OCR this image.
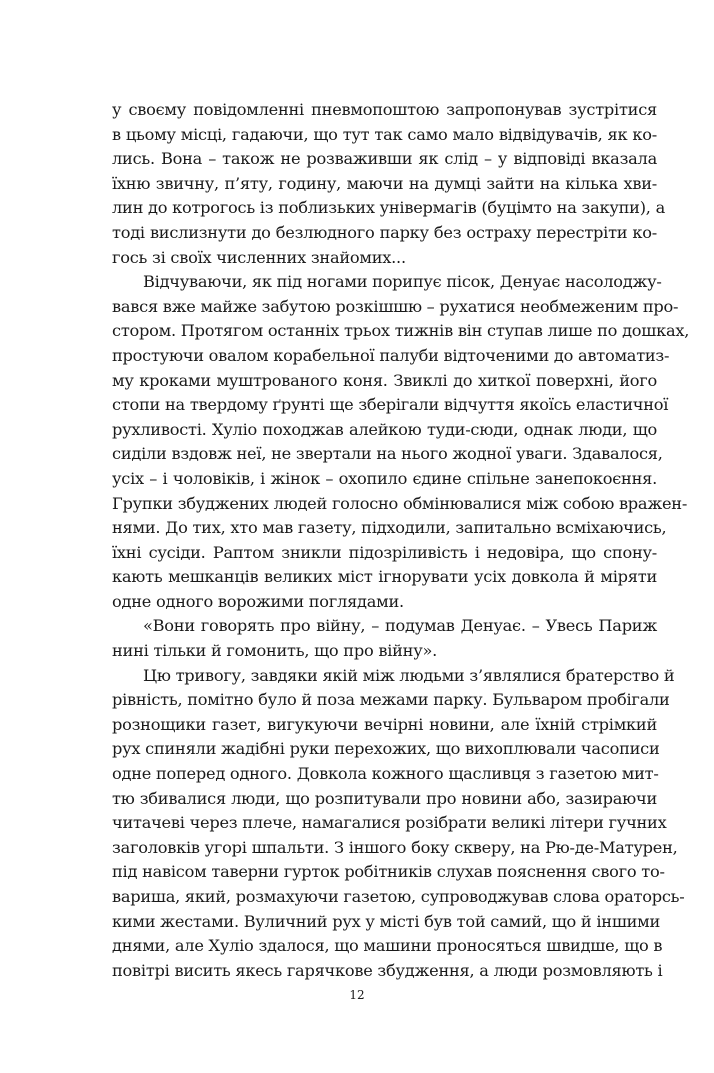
у своєму повідомленні пневмопоштою запропонував зустрітися
в цьому місці, гадаючи, що тут так само мало відвідувачів, як ко-
лись. Вона – також не розваживши як слід – у відповіді вказала
їхню звичну, п’яту, годину, маючи на думці зайти на кілька хви-
лин до котрогось із поблизьких універмагів (буцімто на закупи), а
тоді вислизнути до безлюдного парку без остраху перестріти ко-
гось зі своїх численних знайомих...
Відчуваючи, як під ногами порипує пісок, Денуає насолоджу-
вався вже майже забутою розкішшю – рухатися необмеженим про-
стором. Протягом останніх трьох тижнів він ступав лише по дошках,
простуючи овалом корабельної палуби відточеними до автоматиз-
му кроками муштрованого коня. Звиклі до хиткої поверхні, його
стопи на твердому ґрунті ще зберігали відчуття якоїсь еластичної
рухливості. Хуліо походжав алейкою туди-сюди, однак люди, що
сиділи вздовж неї, не звертали на нього жодної уваги. Здавалося,
усіх – і чоловіків, і жінок – охопило єдине спільне занепокоєння.
Групки збуджених людей голосно обмінювалися між собою вражен-
нями. До тих, хто мав газету, підходили, запитально всміхаючись,
їхні сусіди. Раптом зникли підозріливість і недовіра, що спону-
кають мешканців великих міст ігнорувати усіх довкола й міряти
одне одного ворожими поглядами.
«Вони говорять про війну, – подумав Денуає. – Увесь Париж
нині тільки й гомонить, що про війну».
Цю тривогу, завдяки якій між людьми з’являлися братерство й
рівність, помітно було й поза межами парку. Бульваром пробігали
рознощики газет, вигукуючи вечірні новини, але їхній стрімкий
рух спиняли жадібні руки перехожих, що вихоплювали часописи
одне поперед одного. Довкола кожного щасливця з газетою мит-
тю збивалися люди, що розпитували про новини або, зазираючи
читачеві через плече, намагалися розібрати великі літери гучних
заголовків угорі шпальти. З іншого боку скверу, на Рю-де-Матурен,
під навісом таверни гурток робітників слухав пояснення свого то-
вариша, який, розмахуючи газетою, супроводжував слова ораторсь-
кими жестами. Вуличний рух у місті був той самий, що й іншими
днями, але Хуліо здалося, що машини проносяться швидше, що в
повітрі висить якесь гарячкове збудження, а люди розмовляють і
12
